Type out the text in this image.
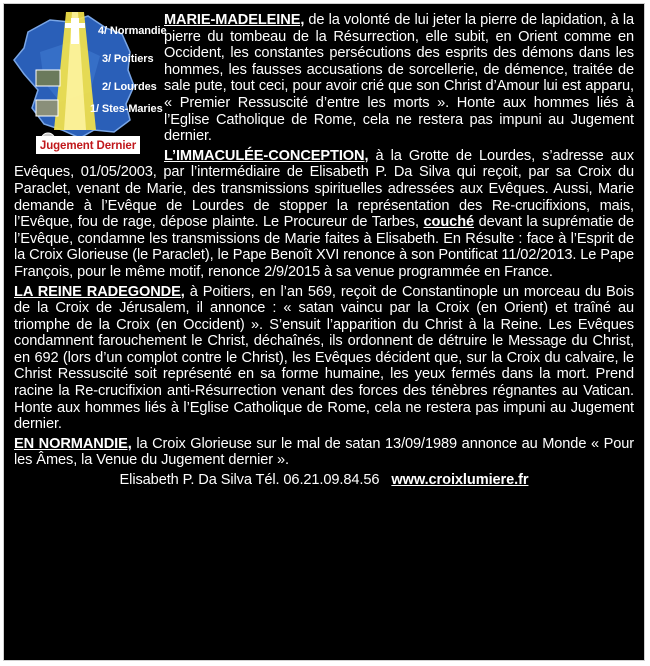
4/ Normandie
3/ Poitiers
2/ Lourdes
1/ Stes-Maries
Jugement Dernier

MARIE-MADELEINE, de la volonté de lui jeter la pierre de lapidation, à la pierre du tombeau de la Résurrection, elle subit, en Orient comme en Occident, les constantes persécutions des esprits des démons dans les hommes, les fausses accusations de sorcellerie, de démence, traitée de sale pute, tout ceci, pour avoir crié que son Christ d’Amour lui est apparu, « Premier Ressuscité d’entre les morts ». Honte aux hommes liés à l’Eglise Catholique de Rome, cela ne restera pas impuni au Jugement dernier.

L’IMMACULÉE-CONCEPTION, à la Grotte de Lourdes, s’adresse aux Evêques, 01/05/2003, par l’intermédiaire de Elisabeth P. Da Silva qui reçoit, par sa Croix du Paraclet, venant de Marie, des transmissions spirituelles adressées aux Evêques. Aussi, Marie demande à l’Evêque de Lourdes de stopper la représentation des Re-crucifixions, mais, l’Evêque, fou de rage, dépose plainte. Le Procureur de Tarbes, couché devant la suprématie de l’Evêque, condamne les transmissions de Marie faites à Elisabeth. En Résulte : face à l’Esprit de la Croix Glorieuse (le Paraclet), le Pape Benoît XVI renonce à son Pontificat 11/02/2013. Le Pape François, pour le même motif, renonce 2/9/2015 à sa venue programmée en France.

LA REINE RADEGONDE, à Poitiers, en l’an 569, reçoit de Constantinople un morceau du Bois de la Croix de Jérusalem, il annonce : « satan vaincu par la Croix (en Orient) et traîné au triomphe de la Croix (en Occident) ». S’ensuit l’apparition du Christ à la Reine. Les Evêques condamnent farouchement le Christ, déchaînés, ils ordonnent de détruire le Message du Christ, en 692 (lors d’un complot contre le Christ), les Evêques décident que, sur la Croix du calvaire, le Christ Ressuscité soit représenté en sa forme humaine, les yeux fermés dans la mort. Prend racine la Re-crucifixion anti-Résurrection venant des forces des ténèbres régnantes au Vatican. Honte aux hommes liés à l’Eglise Catholique de Rome, cela ne restera pas impuni au Jugement dernier.

EN NORMANDIE, la Croix Glorieuse sur le mal de satan 13/09/1989 annonce au Monde « Pour les Âmes, la Venue du Jugement dernier ».

Elisabeth P. Da Silva Tél. 06.21.09.84.56 www.croixlumiere.fr
